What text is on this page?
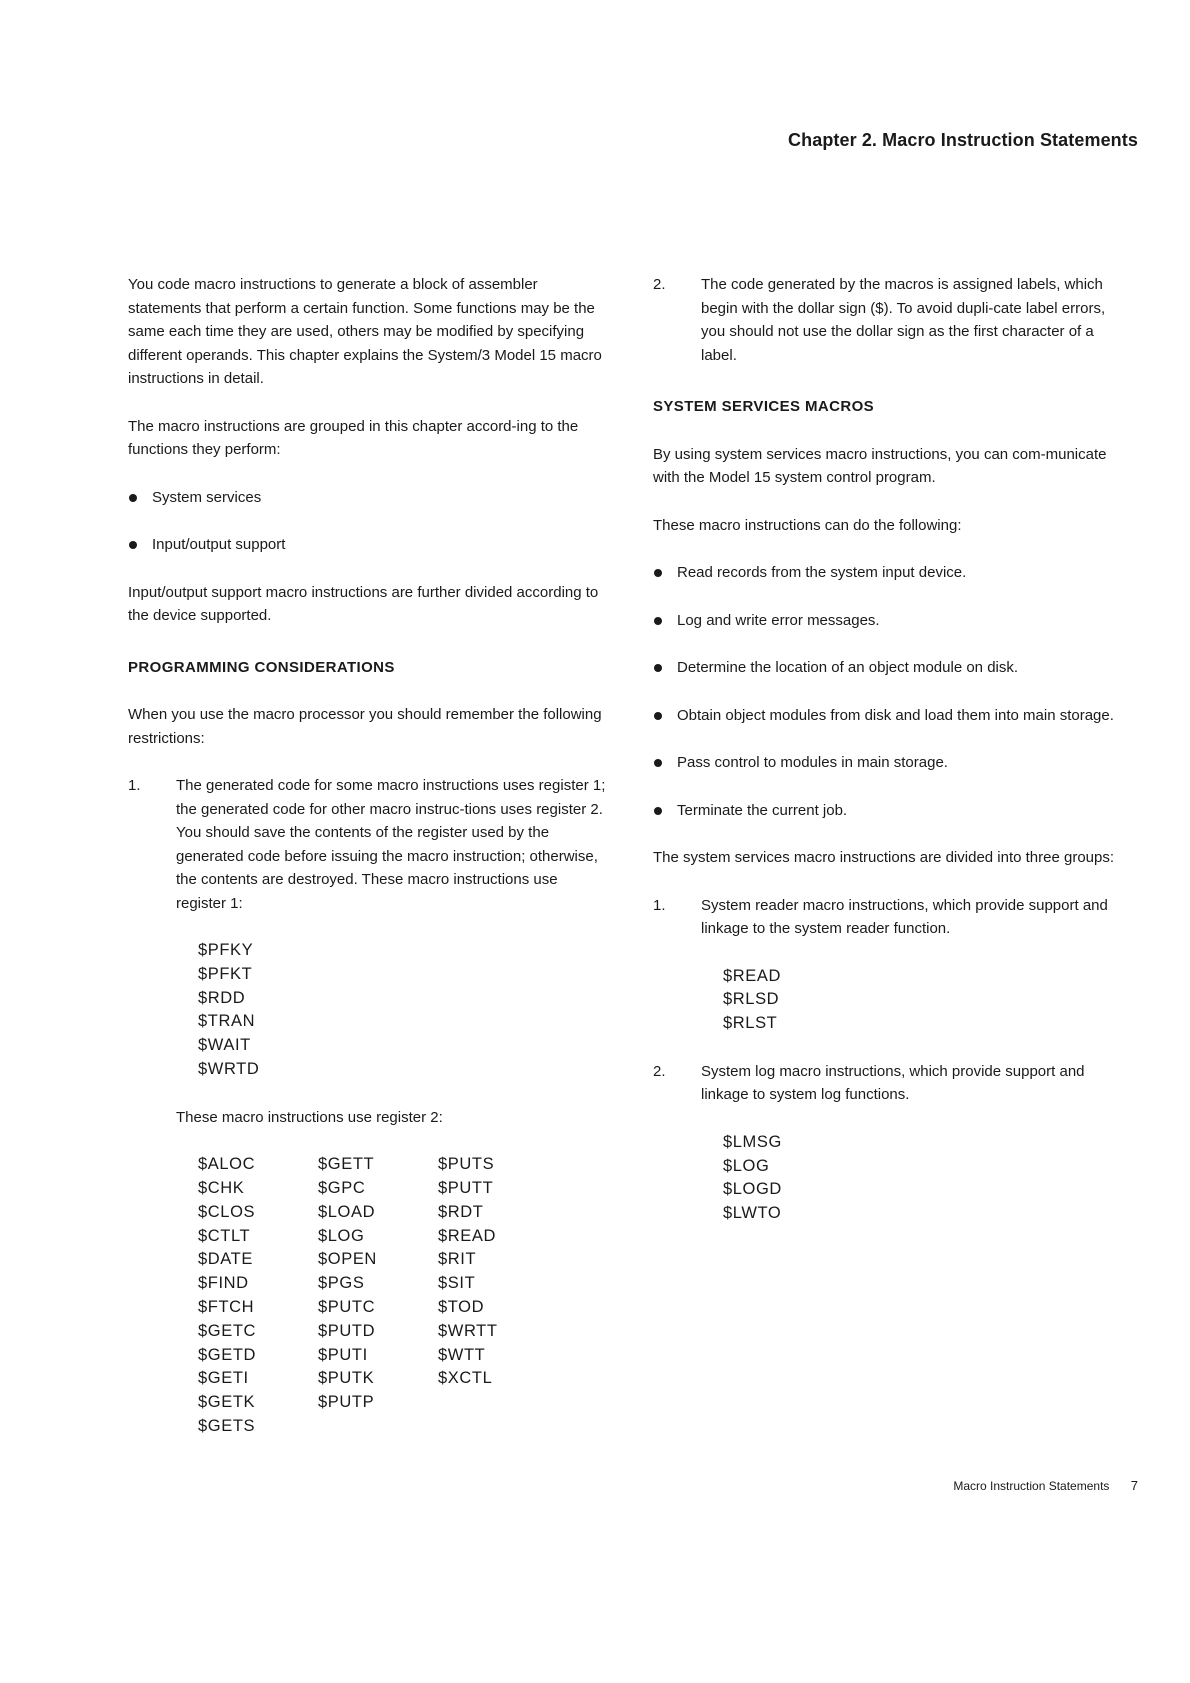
Chapter 2. Macro Instruction Statements

You code macro instructions to generate a block of assembler statements that perform a certain function. Some functions may be the same each time they are used, others may be modified by specifying different operands. This chapter explains the System/3 Model 15 macro instructions in detail.

The macro instructions are grouped in this chapter accord-ing to the functions they perform:

System services
Input/output support

Input/output support macro instructions are further divided according to the device supported.

PROGRAMMING CONSIDERATIONS

When you use the macro processor you should remember the following restrictions:

1. The generated code for some macro instructions uses register 1; the generated code for other macro instruc-tions uses register 2. You should save the contents of the register used by the generated code before issuing the macro instruction; otherwise, the contents are destroyed. These macro instructions use register 1:
$PFKY
$PFKT
$RDD
$TRAN
$WAIT
$WRTD
These macro instructions use register 2:
$ALOC	$GETT	$PUTS
$CHK	$GPC	$PUTT
$CLOS	$LOAD	$RDT
$CTLT	$LOG	$READ
$DATE	$OPEN	$RIT
$FIND	$PGS	$SIT
$FTCH	$PUTC	$TOD
$GETC	$PUTD	$WRTT
$GETD	$PUTI	$WTT
$GETI	$PUTK	$XCTL
$GETK	$PUTP
$GETS
2. The code generated by the macros is assigned labels, which begin with the dollar sign ($). To avoid dupli-cate label errors, you should not use the dollar sign as the first character of a label.
SYSTEM SERVICES MACROS

By using system services macro instructions, you can com-municate with the Model 15 system control program.

These macro instructions can do the following:

Read records from the system input device.
Log and write error messages.
Determine the location of an object module on disk.
Obtain object modules from disk and load them into main storage.
Pass control to modules in main storage.
Terminate the current job.

The system services macro instructions are divided into three groups:

1. System reader macro instructions, which provide support and linkage to the system reader function.
$READ
$RLSD
$RLST
2. System log macro instructions, which provide support and linkage to system log functions.
$LMSG
$LOG
$LOGD
$LWTO
Macro Instruction Statements 7
